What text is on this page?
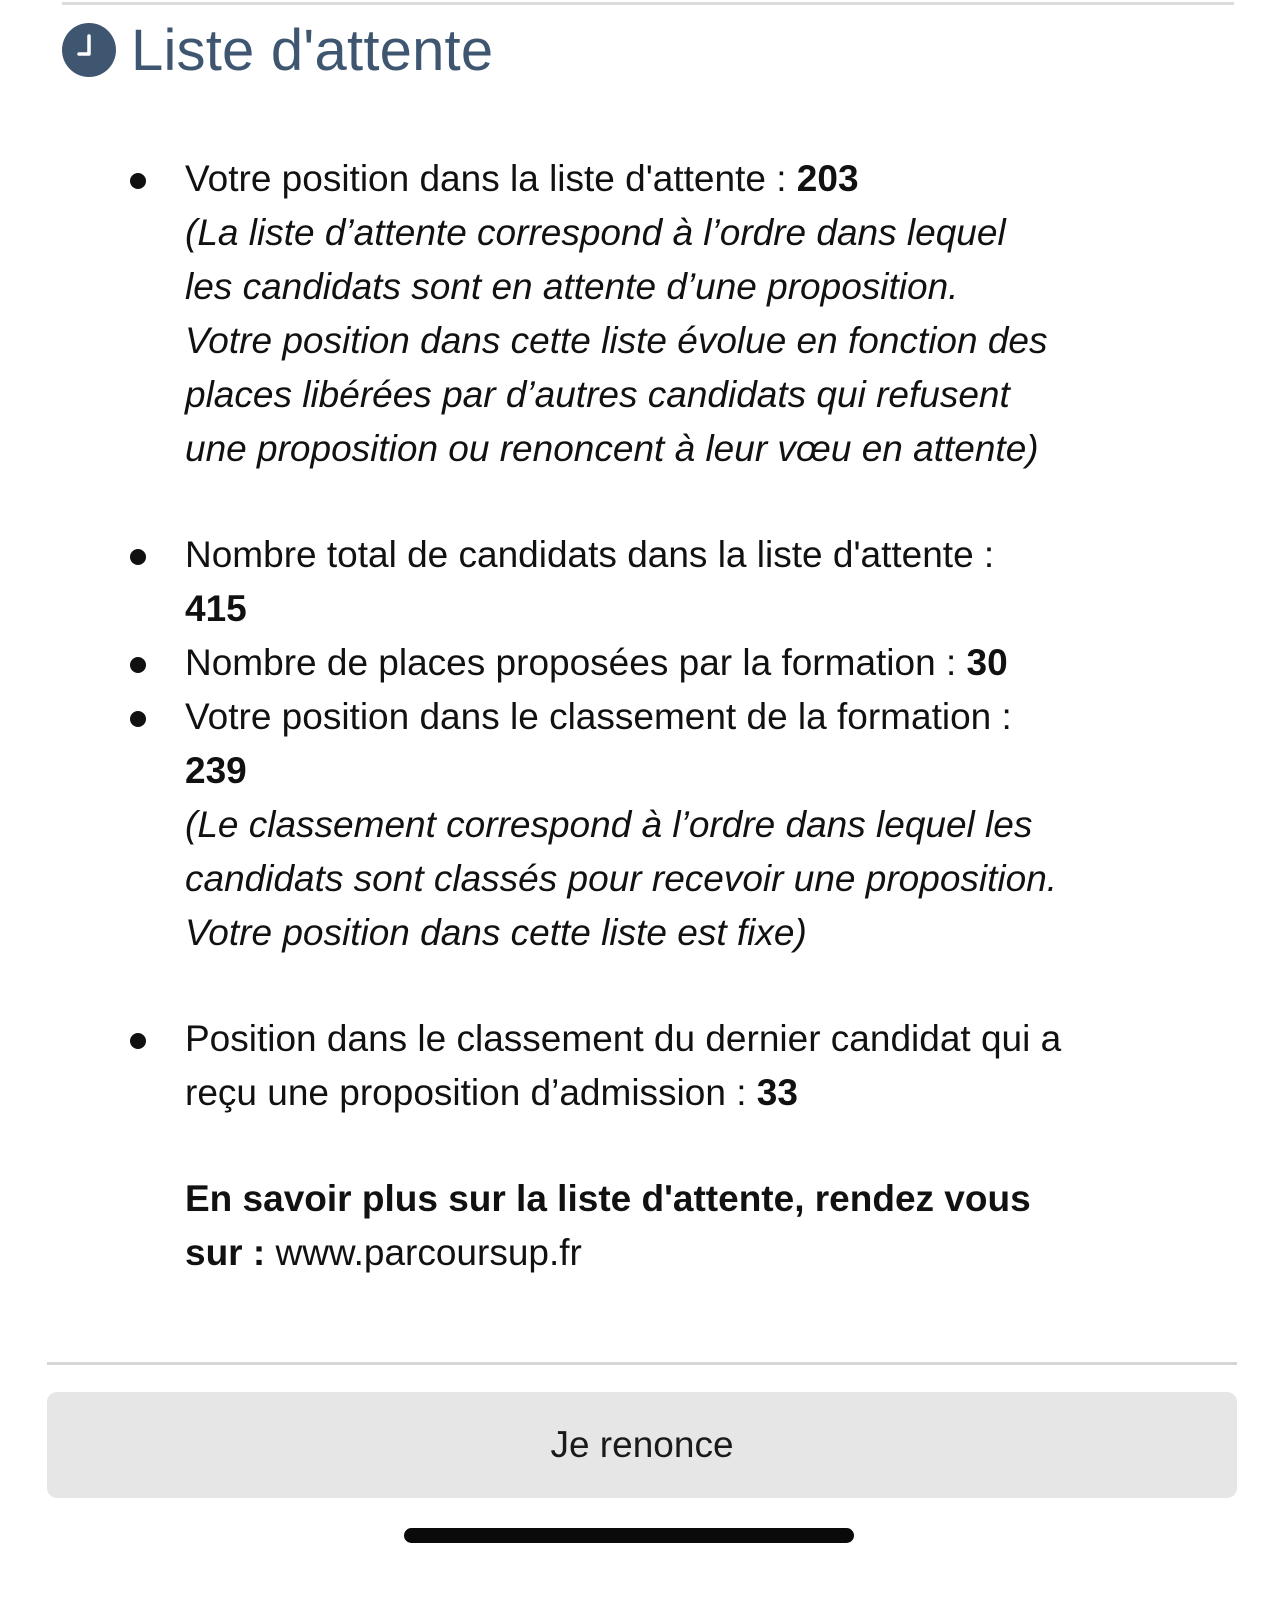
Liste d'attente
Votre position dans la liste d'attente : 203
(La liste d’attente correspond à l’ordre dans lequel
les candidats sont en attente d’une proposition.
Votre position dans cette liste évolue en fonction des
places libérées par d’autres candidats qui refusent
une proposition ou renoncent à leur vœu en attente)
Nombre total de candidats dans la liste d'attente :
415
Nombre de places proposées par la formation : 30
Votre position dans le classement de la formation :
239
(Le classement correspond à l’ordre dans lequel les
candidats sont classés pour recevoir une proposition.
Votre position dans cette liste est fixe)
Position dans le classement du dernier candidat qui a
reçu une proposition d’admission : 33
En savoir plus sur la liste d'attente, rendez vous
sur : www.parcoursup.fr
Je renonce
